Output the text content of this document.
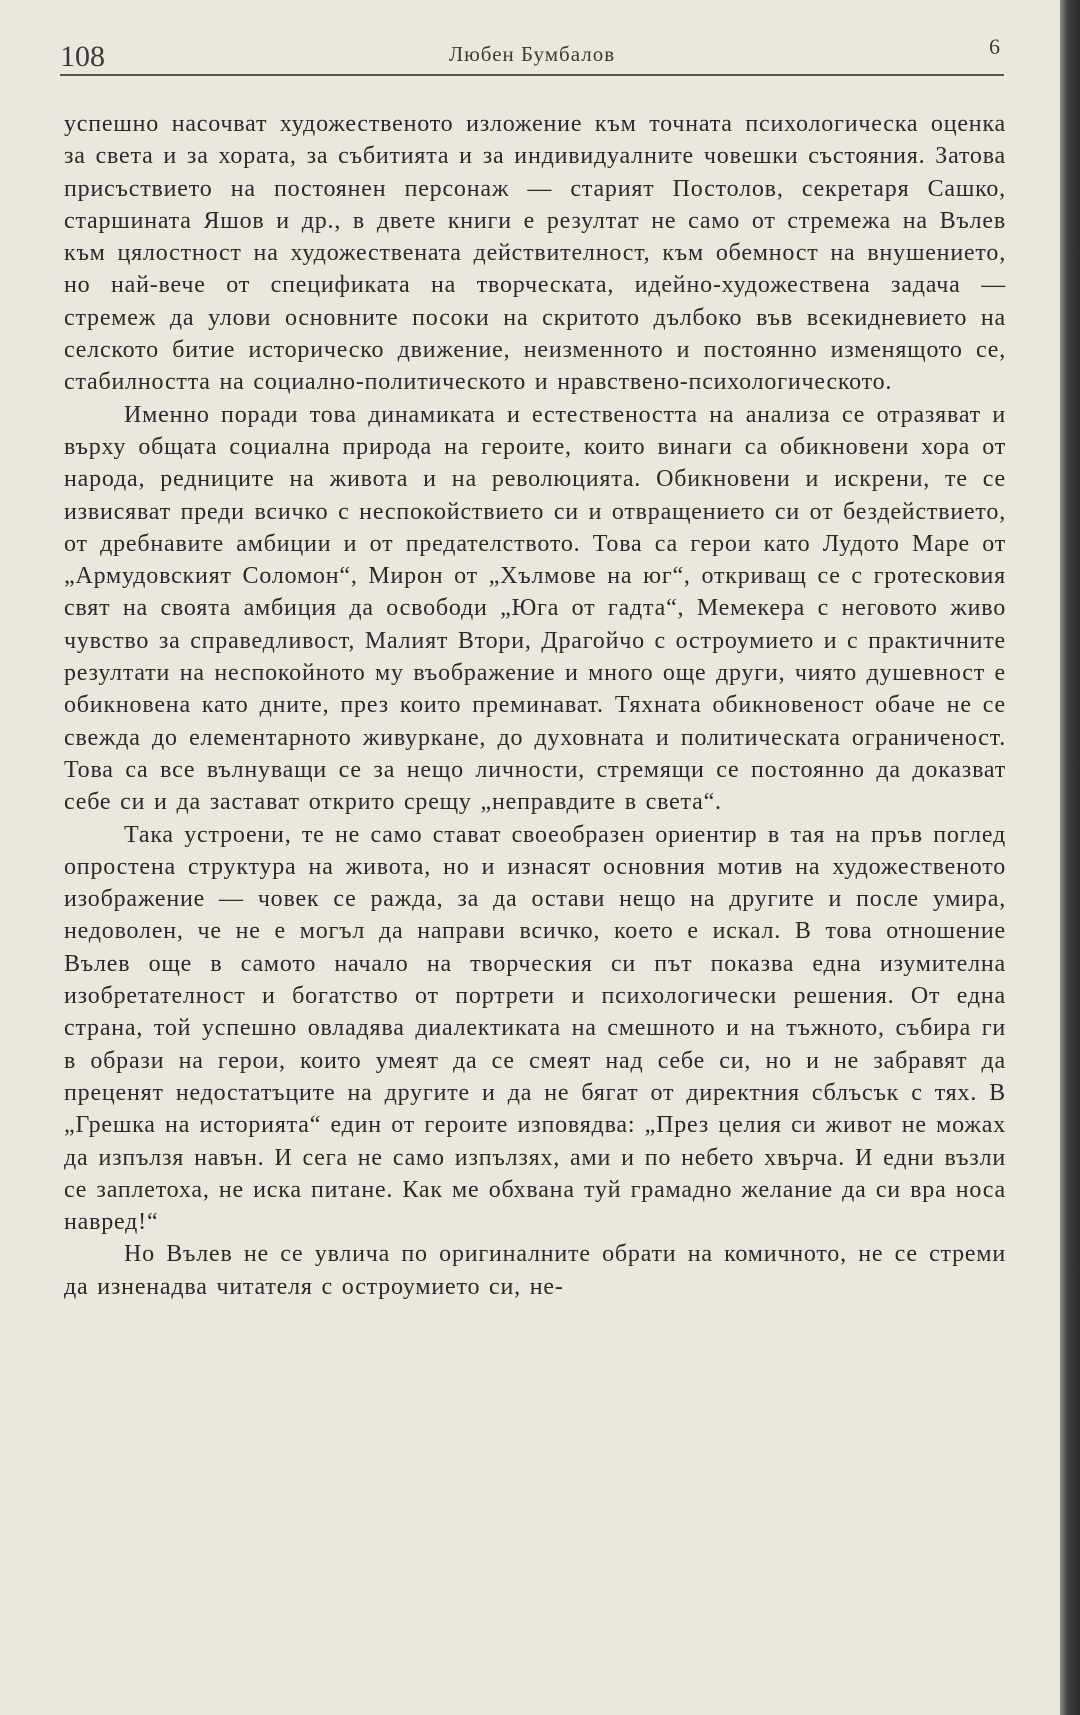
108	Любен Бумбалов	6

успешно насочват художественото изложение към точната психологическа оценка за света и за хората, за събитията и за индивидуалните човешки състояния. Затова присъствието на постоянен персонаж — старият Постолов, секретаря Сашко, старшината Яшов и др., в двете книги е резултат не само от стремежа на Вълев към цялостност на художествената действителност, към обемност на внушението, но най-вече от спецификата на творческата, идейно-художествена задача — стремеж да улови основните посоки на скритото дълбоко във всекидневието на селското битие историческо движение, неизменното и постоянно изменящото се, стабилността на социално-политическото и нравствено-психологическото.

Именно поради това динамиката и естествеността на анализа се отразяват и върху общата социална природа на героите, които винаги са обикновени хора от народа, редниците на живота и на революцията. Обикновени и искрени, те се извисяват преди всичко с неспокойствието си и отвращението си от бездействието, от дребнавите амбиции и от предателството. Това са герои като Лудото Маре от „Армудовският Соломон“, Мирон от „Хълмове на юг“, откриващ се с гротесковия свят на своята амбиция да освободи „Юга от гадта“, Мемекера с неговото живо чувство за справедливост, Малият Втори, Драгойчо с остроумието и с практичните резултати на неспокойното му въображение и много още други, чиято душевност е обикновена като дните, през които преминават. Тяхната обикновеност обаче не се свежда до елементарното живуркане, до духовната и политическата ограниченост. Това са все вълнуващи се за нещо личности, стремящи се постоянно да доказват себе си и да застават открито срещу „неправдите в света“.

Така устроени, те не само стават своеобразен ориентир в тая на пръв поглед опростена структура на живота, но и изнасят основния мотив на художественото изображение — човек се ражда, за да остави нещо на другите и после умира, недоволен, че не е могъл да направи всичко, което е искал. В това отношение Вълев още в самото начало на творческия си път показва една изумителна изобретателност и богатство от портрети и психологически решения. От една страна, той успешно овладява диалектиката на смешното и на тъжното, събира ги в образи на герои, които умеят да се смеят над себе си, но и не забравят да преценят недостатъците на другите и да не бягат от директния сблъсък с тях. В „Грешка на историята“ един от героите изповядва: „През целия си живот не можах да изпълзя навън. И сега не само изпълзях, ами и по небето хвърча. И едни възли се заплетоха, не иска питане. Как ме обхвана туй грамадно желание да си вра носа навред!“

Но Вълев не се увлича по оригиналните обрати на комичното, не се стреми да изненадва читателя с остроумието си, не-
